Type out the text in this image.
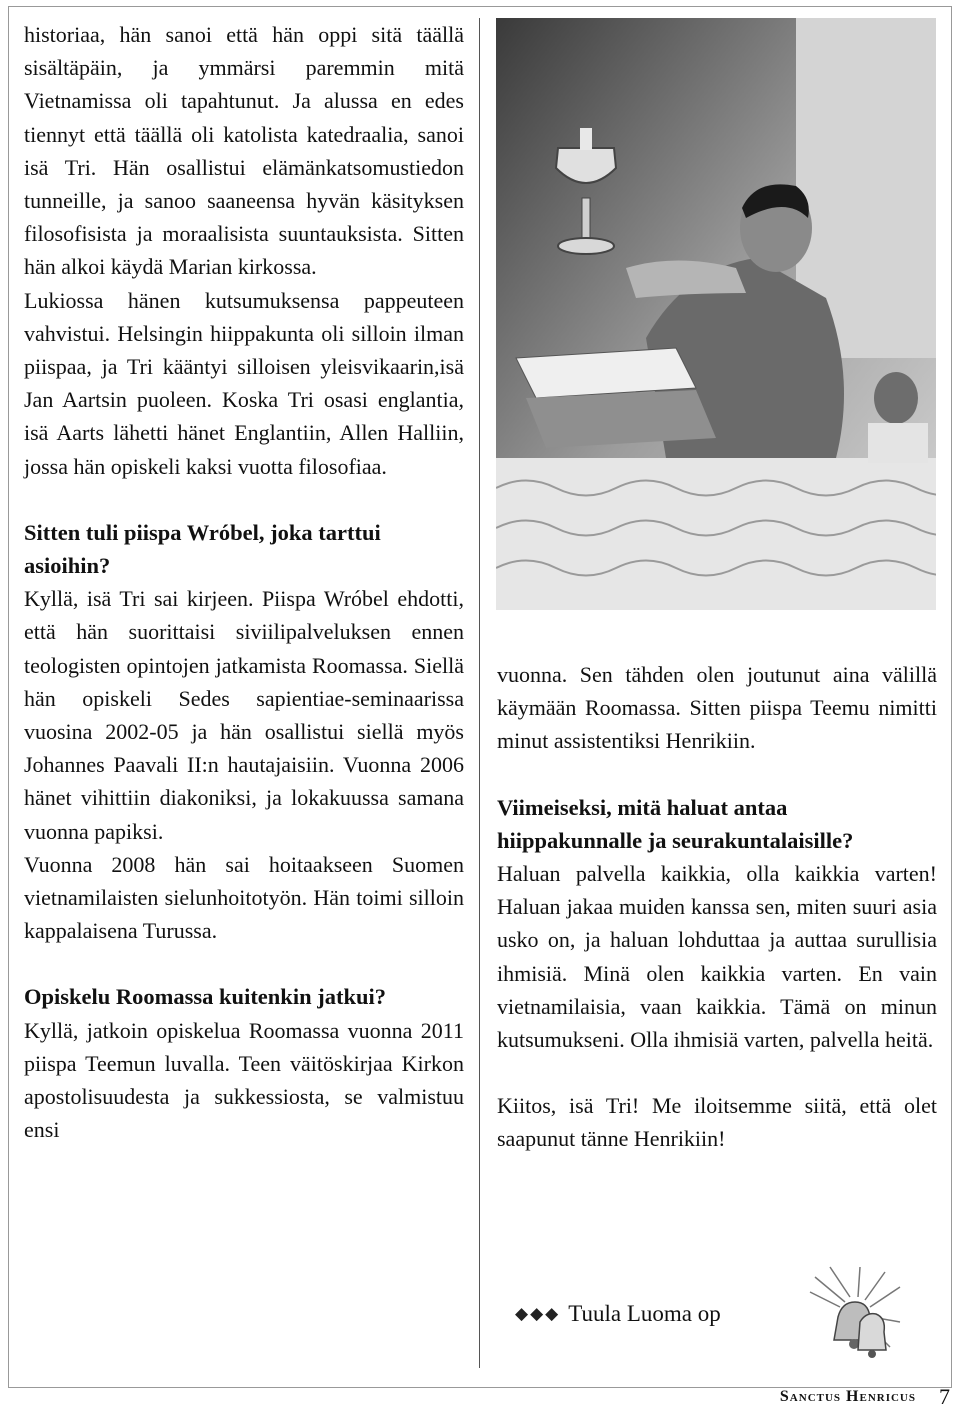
historiaa, hän sanoi että hän oppi sitä täällä sisältäpäin, ja ymmärsi paremmin mitä Vietnamissa oli tapahtunut. Ja alussa en edes tiennyt että täällä oli katolista katedraalia, sanoi isä Tri. Hän osallistui elämänkatsomustiedon tunneille, ja sanoo saaneensa hyvän käsityksen filosofisista ja moraalisista suuntauksista. Sitten hän alkoi käydä Marian kirkossa.

Lukiossa hänen kutsumuksensa pappeuteen vahvistui. Helsingin hiippakunta oli silloin ilman piispaa, ja Tri kääntyi silloisen yleisvikaarin,isä Jan Aartsin puoleen. Koska Tri osasi englantia, isä Aarts lähetti hänet Englantiin, Allen Halliin, jossa hän opiskeli kaksi vuotta filosofiaa.

Sitten tuli piispa Wróbel, joka tarttui asioihin?

Kyllä, isä Tri sai kirjeen. Piispa Wróbel ehdotti, että hän suorittaisi siviilipalveluksen ennen teologisten opintojen jatkamista Roomassa. Siellä hän opiskeli Sedes sapientiae-seminaarissa vuosina 2002-05 ja hän osallistui siellä myös Johannes Paavali II:n hautajaisiin. Vuonna 2006 hänet vihittiin diakoniksi, ja lokakuussa samana vuonna papiksi.

Vuonna 2008 hän sai hoitaakseen Suomen vietnamilaisten sielunhoitotyön. Hän toimi silloin kappalaisena Turussa.

Opiskelu Roomassa kuitenkin jatkui?

Kyllä, jatkoin opiskelua Roomassa vuonna 2011 piispa Teemun luvalla. Teen väitöskirjaa Kirkon apostolisuudesta ja sukkessiosta, se valmistuu ensi

vuonna. Sen tähden olen joutunut aina välillä käymään Roomassa. Sitten piispa Teemu nimitti minut assistentiksi Henrikiin.

Viimeiseksi, mitä haluat antaa hiippakunnalle ja seurakuntalaisille?

Haluan palvella kaikkia, olla kaikkia varten! Haluan jakaa muiden kanssa sen, miten suuri asia usko on, ja haluan lohduttaa ja auttaa surullisia ihmisiä. Minä olen kaikkia varten. En vain vietnamilaisia, vaan kaikkia. Tämä on minun kutsumukseni. Olla ihmisiä varten, palvella heitä.

Kiitos, isä Tri! Me iloitsemme siitä, että olet saapunut tänne Henrikiin!

◆◆◆ Tuula Luoma op
Sanctus Henricus 7
